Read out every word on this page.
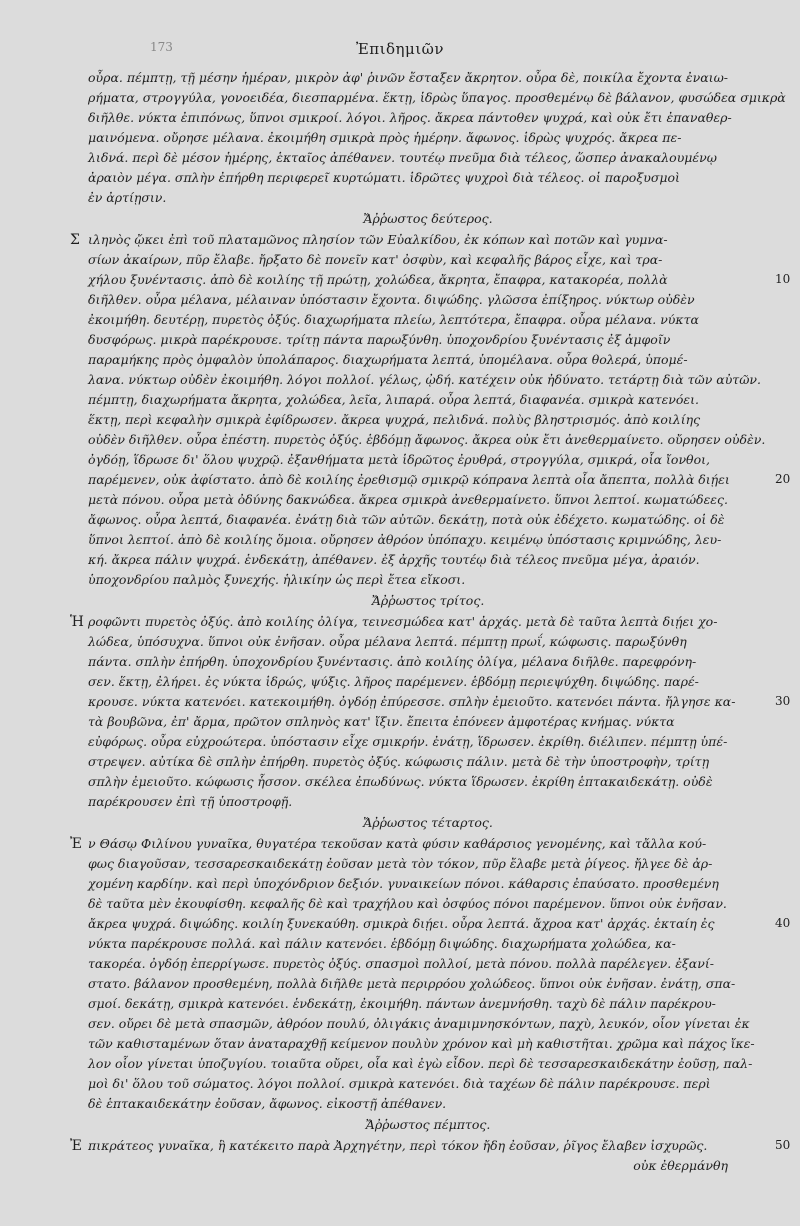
173	Ἐπιδημιῶν
οὖρα. πέμπτῃ, τῇ μέσην ἡμέραν, μικρὸν ἀφ' ῥινῶν ἔσταξεν ἄκρητον. οὖρα δὲ, ποικίλα ἔχοντα ἐναιω-
ρήματα, στρογγύλα, γονοειδέα, διεσπαρμένα. ἕκτῃ, ἱδρὼς ὕπαγος. προσθεμένῳ δὲ βάλανον, φυσώδεα σμικρὰ
διῆλθε. νύκτα ἐπιπόνως, ὕπνοι σμικροί. λόγοι. λῆρος. ἄκρεα πάντοθεν ψυχρά, καὶ οὐκ ἔτι ἐπαναθερ-
μαινόμενα. οὔρησε μέλανα. ἐκοιμήθη σμικρὰ πρὸς ἡμέρην. ἄφωνος. ἱδρὼς ψυχρός. ἄκρεα πε-
λιδνά. περὶ δὲ μέσον ἡμέρης, ἑκταῖος ἀπέθανεν. τουτέῳ πνεῦμα διὰ τέλεος, ὥσπερ ἀνακαλουμένῳ
ἀραιὸν μέγα. σπλὴν ἐπήρθη περιφερεῖ κυρτώματι. ἱδρῶτες ψυχροὶ διὰ τέλεος. οἱ παροξυσμοὶ
ἐν ἀρτίῃσιν.
Ἄῤῥωστος δεύτερος.
Σ ιληνὸς ᾤκει ἐπὶ τοῦ πλαταμῶνος πλησίον τῶν Εὐαλκίδου, ἐκ κόπων καὶ ποτῶν καὶ γυμνα-
σίων ἀκαίρων, πῦρ ἔλαβε. ἤρξατο δὲ πονεῖν κατ' ὀσφὺν, καὶ κεφαλῆς βάρος εἶχε, καὶ τρα-
χήλου ξυνέντασις. ἀπὸ δὲ κοιλίης τῇ πρώτῃ, χολώδεα, ἄκρητα, ἔπαφρα, κατακορέα, πολλὰ
διῆλθεν. οὖρα μέλανα, μέλαιναν ὑπόστασιν ἔχοντα. διψώδης. γλῶσσα ἐπίξηρος. νύκτωρ οὐδὲν
ἐκοιμήθη. δευτέρῃ, πυρετὸς ὀξύς. διαχωρήματα πλείω, λεπτότερα, ἔπαφρα. οὖρα μέλανα. νύκτα
δυσφόρως. μικρὰ παρέκρουσε. τρίτῃ πάντα παρωξύνθη. ὑποχονδρίου ξυνέντασις ἐξ ἀμφοῖν
παραμήκης πρὸς ὀμφαλὸν ὑπολάπαρος. διαχωρήματα λεπτά, ὑπομέλανα. οὖρα θολερά, ὑπομέ-
λανα. νύκτωρ οὐδὲν ἐκοιμήθη. λόγοι πολλοί. γέλως, ᾠδή. κατέχειν οὐκ ἠδύνατο. τετάρτῃ διὰ τῶν αὐτῶν.
πέμπτῃ, διαχωρήματα ἄκρητα, χολώδεα, λεῖα, λιπαρά. οὖρα λεπτά, διαφανέα. σμικρὰ κατενόει.
ἕκτῃ, περὶ κεφαλὴν σμικρὰ ἐφίδρωσεν. ἄκρεα ψυχρά, πελιδνά. πολὺς βληστρισμός. ἀπὸ κοιλίης
οὐδὲν διῆλθεν. οὖρα ἐπέστη. πυρετὸς ὀξύς. ἑβδόμῃ ἄφωνος. ἄκρεα οὐκ ἔτι ἀνεθερμαίνετο. οὔρησεν οὐδὲν.
ὀγδόῃ, ἵδρωσε δι' ὅλου ψυχρῷ. ἐξανθήματα μετὰ ἱδρῶτος ἐρυθρά, στρογγύλα, σμικρά, οἷα ἴονθοι,
παρέμενεν, οὐκ ἀφίστατο. ἀπὸ δὲ κοιλίης ἐρεθισμῷ σμικρῷ κόπρανα λεπτὰ οἷα ἄπεπτα, πολλὰ διῄει
μετὰ πόνου. οὖρα μετὰ ὀδύνης δακνώδεα. ἄκρεα σμικρὰ ἀνεθερμαίνετο. ὕπνοι λεπτοί. κωματώδεες.
ἄφωνος. οὖρα λεπτά, διαφανέα. ἐνάτῃ διὰ τῶν αὐτῶν. δεκάτῃ, ποτὰ οὐκ ἐδέχετο. κωματώδης. οἱ δὲ
ὕπνοι λεπτοί. ἀπὸ δὲ κοιλίης ὅμοια. οὔρησεν ἀθρόον ὑπόπαχυ. κειμένῳ ὑπόστασις κριμνώδης, λευ-
κή. ἄκρεα πάλιν ψυχρά. ἑνδεκάτῃ, ἀπέθανεν. ἐξ ἀρχῆς τουτέῳ διὰ τέλεος πνεῦμα μέγα, ἀραιόν.
ὑποχονδρίου παλμὸς ξυνεχής. ἡλικίην ὡς περὶ ἔτεα εἴκοσι.
Ἄῤῥωστος τρίτος.
Ἡ ροφῶντι πυρετὸς ὀξύς. ἀπὸ κοιλίης ὀλίγα, τεινεσμώδεα κατ' ἀρχάς. μετὰ δὲ ταῦτα λεπτὰ διῄει χο-
λώδεα, ὑπόσυχνα. ὕπνοι οὐκ ἐνῆσαν. οὖρα μέλανα λεπτά. πέμπτῃ πρωΐ, κώφωσις. παρωξύνθη
πάντα. σπλὴν ἐπήρθη. ὑποχονδρίου ξυνέντασις. ἀπὸ κοιλίης ὀλίγα, μέλανα διῆλθε. παρεφρόνη-
σεν. ἕκτῃ, ἐλήρει. ἐς νύκτα ἱδρώς, ψύξις. λῆρος παρέμενεν. ἑβδόμῃ περιεψύχθη. διψώδης. παρέ-
κρουσε. νύκτα κατενόει. κατεκοιμήθη. ὀγδόῃ ἐπύρεσσε. σπλὴν ἐμειοῦτο. κατενόει πάντα. ἤλγησε κα-
τὰ βουβῶνα, ἐπ' ἄρμα, πρῶτον σπληνὸς κατ' ἴξιν. ἔπειτα ἐπόνεεν ἀμφοτέρας κνήμας. νύκτα
εὐφόρως. οὖρα εὐχροώτερα. ὑπόστασιν εἶχε σμικρήν. ἐνάτῃ, ἵδρωσεν. ἐκρίθη. διέλιπεν. πέμπτῃ ὑπέ-
στρεψεν. αὐτίκα δὲ σπλὴν ἐπήρθη. πυρετὸς ὀξύς. κώφωσις πάλιν. μετὰ δὲ τὴν ὑποστροφὴν, τρίτῃ
σπλὴν ἐμειοῦτο. κώφωσις ἧσσον. σκέλεα ἐπωδύνως. νύκτα ἵδρωσεν. ἐκρίθη ἑπτακαιδεκάτῃ. οὐδὲ
παρέκρουσεν ἐπὶ τῇ ὑποστροφῇ.
Ἄῤῥωστος τέταρτος.
Ἐ ν Θάσῳ Φιλίνου γυναῖκα, θυγατέρα τεκοῦσαν κατὰ φύσιν καθάρσιος γενομένης, καὶ τἄλλα κού-
φως διαγοῦσαν, τεσσαρεσκαιδεκάτῃ ἐοῦσαν μετὰ τὸν τόκον, πῦρ ἔλαβε μετὰ ῥίγεος. ἤλγεε δὲ ἀρ-
χομένη καρδίην. καὶ περὶ ὑποχόνδριον δεξιόν. γυναικείων πόνοι. κάθαρσις ἐπαύσατο. προσθεμένη
δὲ ταῦτα μὲν ἐκουφίσθη. κεφαλῆς δὲ καὶ τραχήλου καὶ ὀσφύος πόνοι παρέμενον. ὕπνοι οὐκ ἐνῆσαν.
ἄκρεα ψυχρά. διψώδης. κοιλίη ξυνεκαύθη. σμικρὰ διῄει. οὖρα λεπτά. ἄχροα κατ' ἀρχάς. ἑκταίη ἐς
νύκτα παρέκρουσε πολλά. καὶ πάλιν κατενόει. ἑβδόμῃ διψώδης. διαχωρήματα χολώδεα, κα-
τακορέα. ὀγδόῃ ἐπερρίγωσε. πυρετὸς ὀξύς. σπασμοὶ πολλοί, μετὰ πόνου. πολλὰ παρέλεγεν. ἐξανί-
στατο. βάλανον προσθεμένη, πολλὰ διῆλθε μετὰ περιρρόου χολώδεος. ὕπνοι οὐκ ἐνῆσαν. ἐνάτῃ, σπα-
σμοί. δεκάτῃ, σμικρὰ κατενόει. ἑνδεκάτῃ, ἐκοιμήθη. πάντων ἀνεμνήσθη. ταχὺ δὲ πάλιν παρέκρου-
σεν. οὔρει δὲ μετὰ σπασμῶν, ἀθρόον πουλύ, ὀλιγάκις ἀναμιμνησκόντων, παχὺ, λευκόν, οἷον γίνεται ἐκ
τῶν καθισταμένων ὅταν ἀναταραχθῇ κείμενον πουλὺν χρόνον καὶ μὴ καθιστῆται. χρῶμα καὶ πάχος ἴκε-
λον οἷον γίνεται ὑποζυγίου. τοιαῦτα οὔρει, οἷα καὶ ἐγὼ εἶδον. περὶ δὲ τεσσαρεσκαιδεκάτην ἐοῦσῃ, παλ-
μοὶ δι' ὅλου τοῦ σώματος. λόγοι πολλοί. σμικρὰ κατενόει. διὰ ταχέων δὲ πάλιν παρέκρουσε. περὶ
δὲ ἑπτακαιδεκάτην ἐοῦσαν, ἄφωνος. εἰκοστῇ ἀπέθανεν.
Ἄῤῥωστος πέμπτος.
Ἐ πικράτεος γυναῖκα, ἣ κατέκειτο παρὰ Ἀρχηγέτην, περὶ τόκον ἤδη ἐοῦσαν, ῥῖγος ἔλαβεν ἰσχυρῶς.
οὐκ ἐθερμάνθη
10
20
30
40
50
